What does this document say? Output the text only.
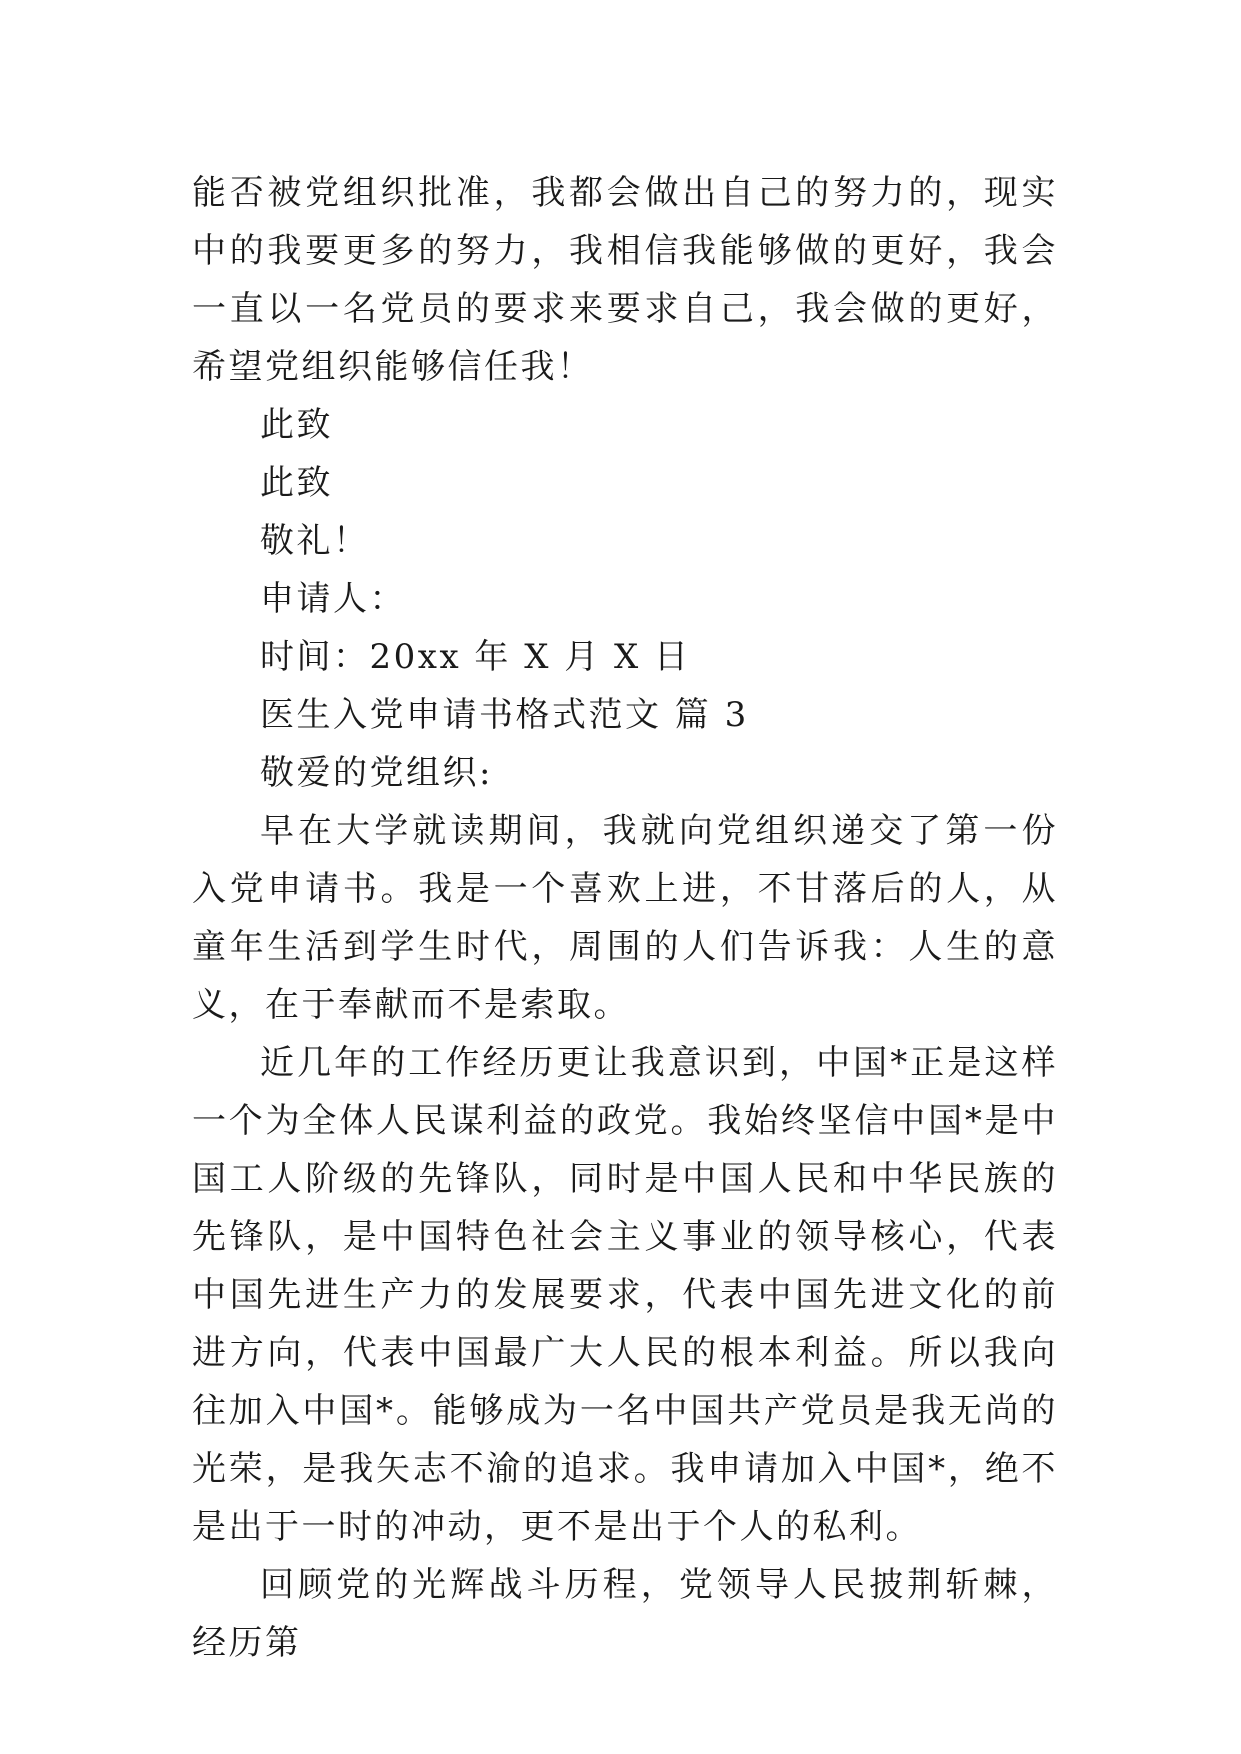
能否被党组织批准，我都会做出自己的努力的，现实中的我要更多的努力，我相信我能够做的更好，我会一直以一名党员的要求来要求自己，我会做的更好，希望党组织能够信任我！

此致

此致

敬礼！

申请人：

时间：20xx 年 X 月 X 日

医生入党申请书格式范文 篇 3

敬爱的党组织:

早在大学就读期间，我就向党组织递交了第一份入党申请书。我是一个喜欢上进，不甘落后的人，从童年生活到学生时代，周围的人们告诉我：人生的意义，在于奉献而不是索取。

近几年的工作经历更让我意识到，中国*正是这样一个为全体人民谋利益的政党。我始终坚信中国*是中国工人阶级的先锋队，同时是中国人民和中华民族的先锋队，是中国特色社会主义事业的领导核心，代表中国先进生产力的发展要求，代表中国先进文化的前进方向，代表中国最广大人民的根本利益。所以我向往加入中国*。能够成为一名中国共产党员是我无尚的光荣，是我矢志不渝的追求。我申请加入中国*，绝不是出于一时的冲动，更不是出于个人的私利。

回顾党的光辉战斗历程，党领导人民披荆斩棘，经历第
